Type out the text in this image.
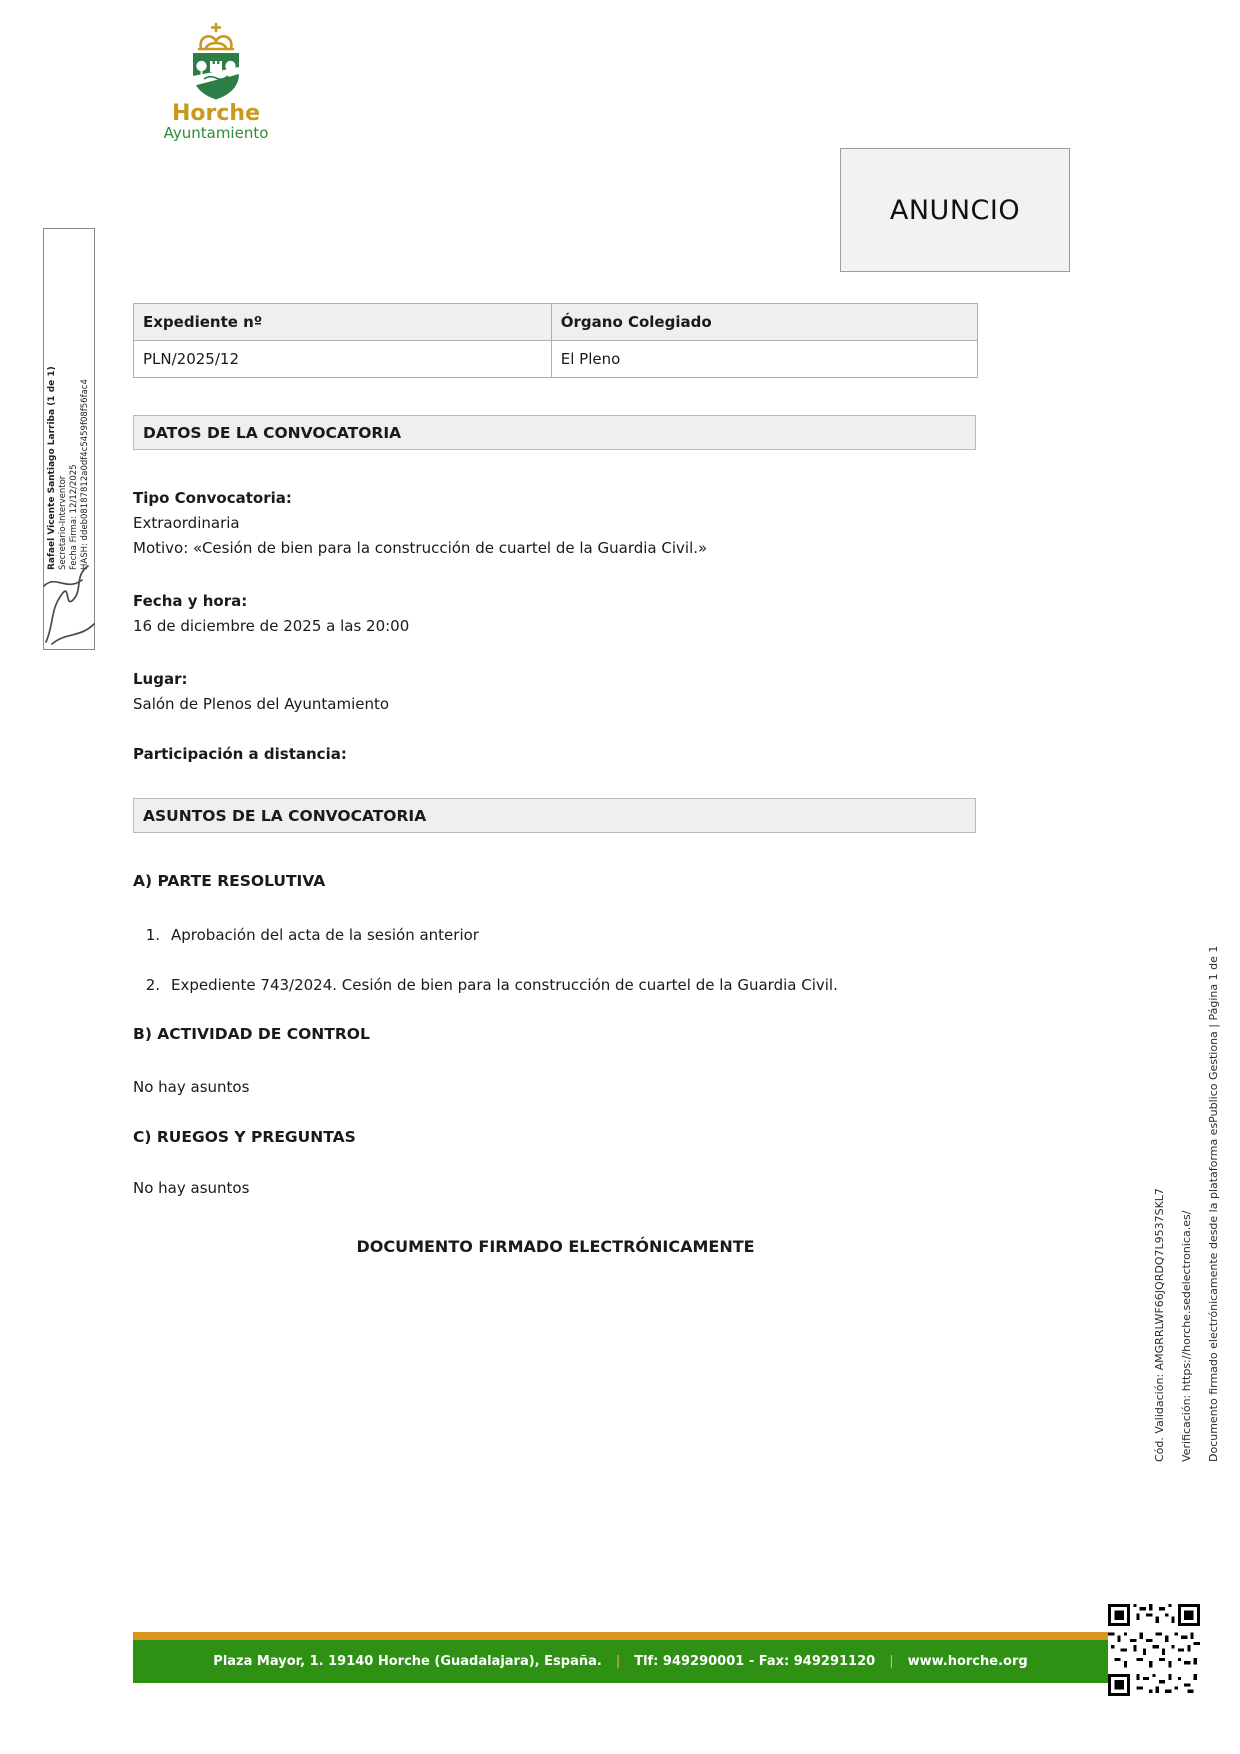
Horche
Ayuntamiento
ANUNCIO
Expediente nº	Órgano Colegiado
PLN/2025/12	El Pleno
DATOS DE LA CONVOCATORIA
ASUNTOS DE LA CONVOCATORIA
Tipo Convocatoria:
Extraordinaria
Motivo: «Cesión de bien para la construcción de cuartel de la Guardia Civil.»
Fecha y hora:
16 de diciembre de 2025 a las 20:00
Lugar:
Salón de Plenos del Ayuntamiento
Participación a distancia:
A) PARTE RESOLUTIVA
1. Aprobación del acta de la sesión anterior
2. Expediente 743/2024. Cesión de bien para la construcción de cuartel de la Guardia Civil.
B) ACTIVIDAD DE CONTROL
No hay asuntos
C) RUEGOS Y PREGUNTAS
No hay asuntos
DOCUMENTO FIRMADO ELECTRÓNICAMENTE
Rafael Vicente Santiago Larriba (1 de 1) Secretario-Interventor Fecha Firma: 12/12/2025 HASH: ddeb08187812a0df4c5459f08f56fac4
Cód. Validación: AMGRRLWF66JQRDQ7L9537SKL7	Verificación: https://horche.sedelectronica.es/	Documento firmado electrónicamente desde la plataforma esPublico Gestiona | Página 1 de 1
Plaza Mayor, 1. 19140 Horche (Guadalajara), España.	|	Tlf: 949290001 - Fax: 949291120	|	www.horche.org
